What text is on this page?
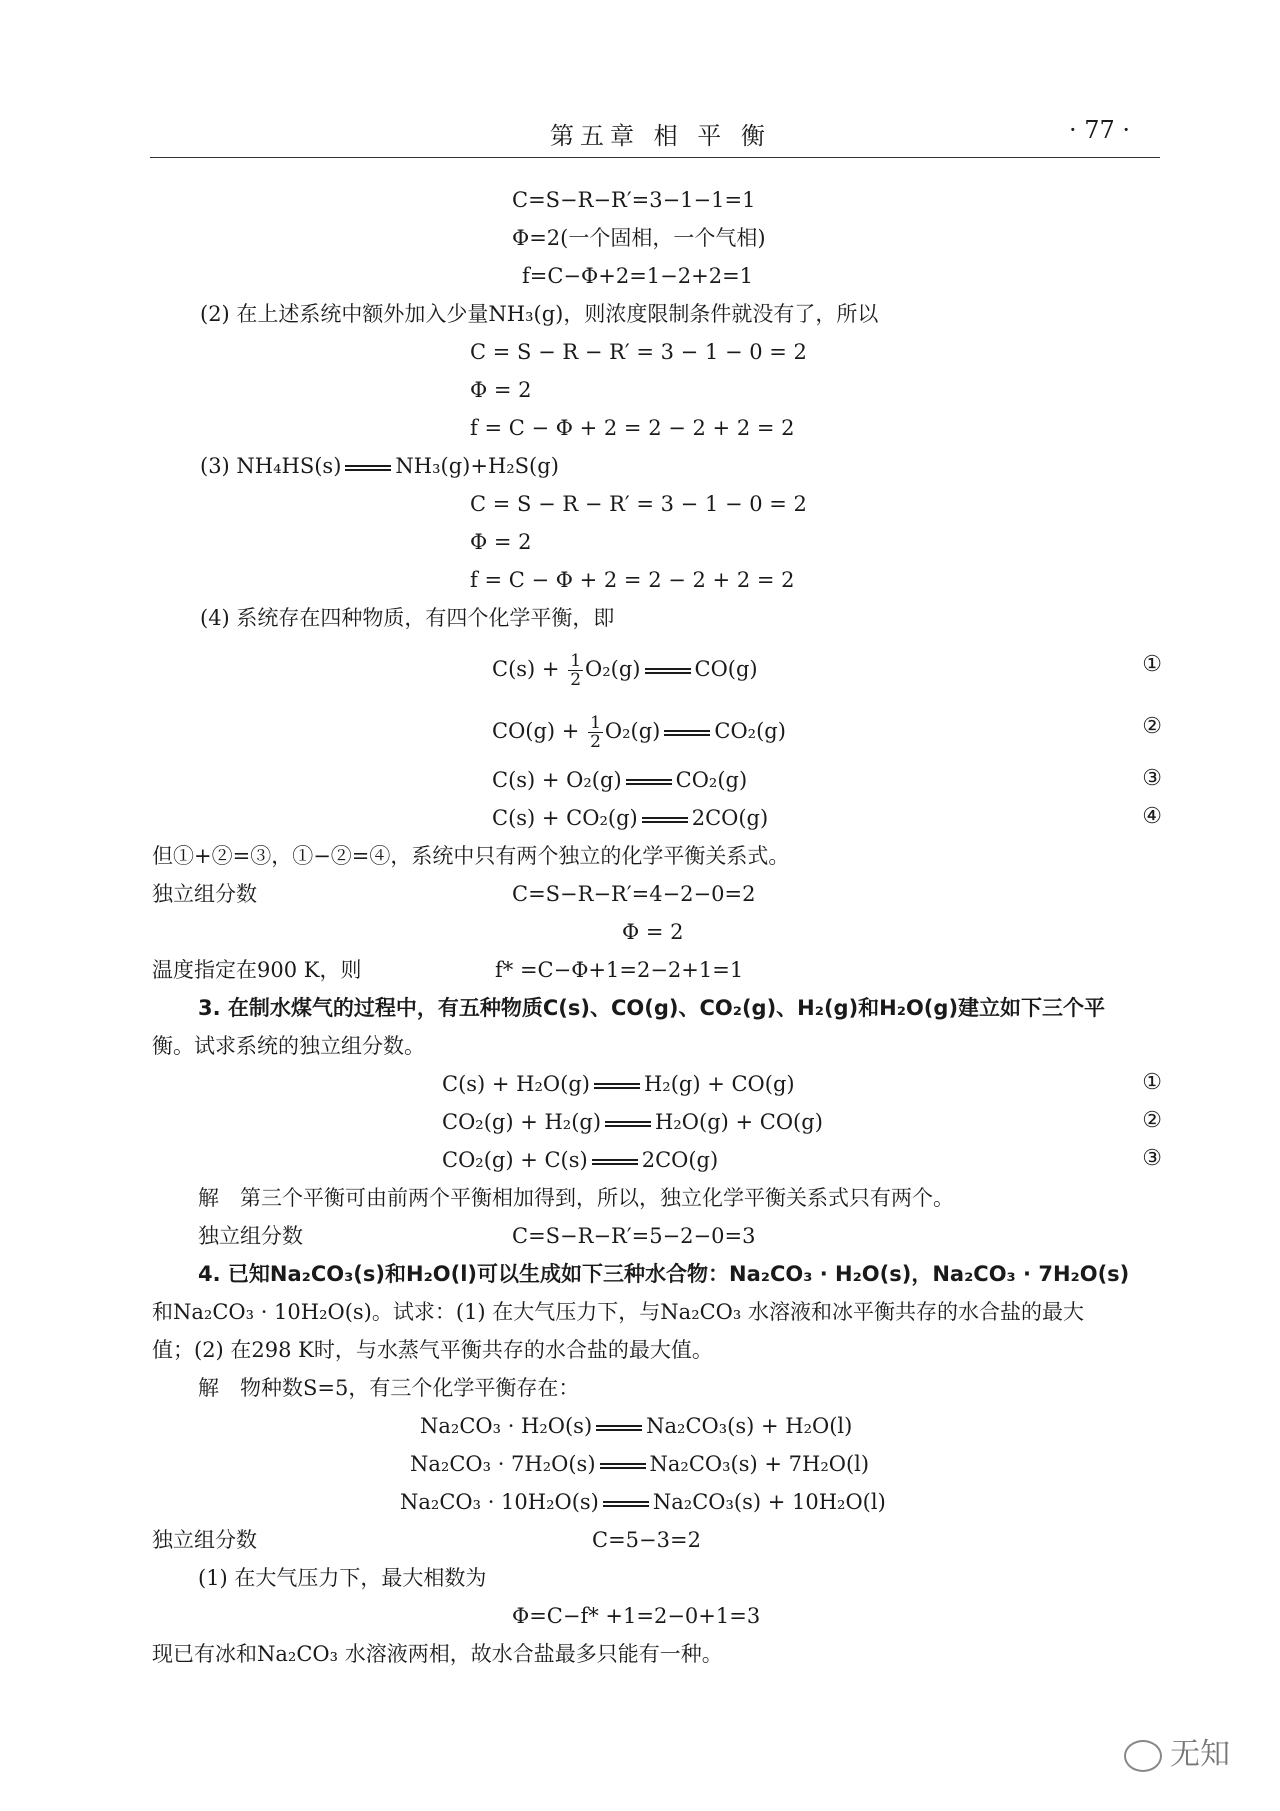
第五章 相 平 衡	· 77 ·
C=S−R−R′=3−1−1=1
Φ=2(一个固相，一个气相)
f=C−Φ+2=1−2+2=1
(2) 在上述系统中额外加入少量NH₃(g)，则浓度限制条件就没有了，所以
C = S − R − R′ = 3 − 1 − 0 = 2
Φ = 2
f = C − Φ + 2 = 2 − 2 + 2 = 2
(3) NH₄HS(s)	NH₃(g)+H₂S(g)
C = S − R − R′ = 3 − 1 − 0 = 2
Φ = 2
f = C − Φ + 2 = 2 − 2 + 2 = 2
(4) 系统存在四种物质，有四个化学平衡，即
$C(s) + \frac{1}{2} O_2(g)$	CO(g)	①
$CO(g) + \frac{1}{2} O_2(g)$	CO₂(g)	②
C(s) + O₂(g)	CO₂(g)	③
C(s) + CO₂(g)	2CO(g)	④
但①+②=③，①−②=④，系统中只有两个独立的化学平衡关系式。
独立组分数	C=S−R−R′=4−2−0=2
Φ = 2
温度指定在900 K，则	f* =C−Φ+1=2−2+1=1
3. 在制水煤气的过程中，有五种物质C(s)、CO(g)、CO₂(g)、H₂(g)和H₂O(g)建立如下三个平
衡。试求系统的独立组分数。
C(s) + H₂O(g)	H₂(g) + CO(g)	①
CO₂(g) + H₂(g)	H₂O(g) + CO(g)	②
CO₂(g) + C(s)	2CO(g)	③
解　第三个平衡可由前两个平衡相加得到，所以，独立化学平衡关系式只有两个。
独立组分数	C=S−R−R′=5−2−0=3
4. 已知Na₂CO₃(s)和H₂O(l)可以生成如下三种水合物：Na₂CO₃ · H₂O(s)，Na₂CO₃ · 7H₂O(s)
和Na₂CO₃ · 10H₂O(s)。试求：(1) 在大气压力下，与Na₂CO₃ 水溶液和冰平衡共存的水合盐的最大
值；(2) 在298 K时，与水蒸气平衡共存的水合盐的最大值。
解　物种数S=5，有三个化学平衡存在：
Na₂CO₃ · H₂O(s)	Na₂CO₃(s) + H₂O(l)
Na₂CO₃ · 7H₂O(s)	Na₂CO₃(s) + 7H₂O(l)
Na₂CO₃ · 10H₂O(s)	Na₂CO₃(s) + 10H₂O(l)
独立组分数	C=5−3=2
(1) 在大气压力下，最大相数为
Φ=C−f* +1=2−0+1=3
现已有冰和Na₂CO₃ 水溶液两相，故水合盐最多只能有一种。
无知
